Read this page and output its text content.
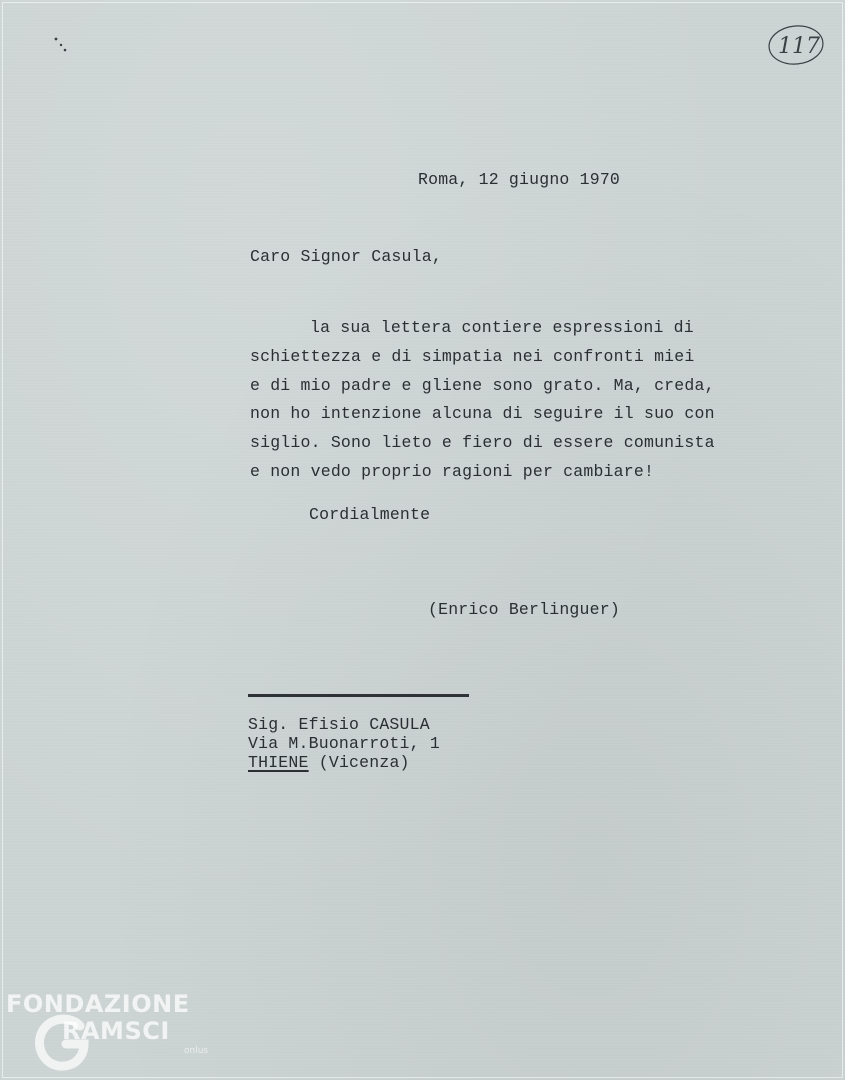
117
Roma, 12 giugno 1970
Caro Signor Casula,
la sua lettera contiere espressioni di
schiettezza e di simpatia nei confronti miei
e di mio padre e gliene sono grato. Ma, creda,
non ho intenzione alcuna di seguire il suo con
siglio. Sono lieto e fiero di essere comunista
e non vedo proprio ragioni per cambiare!
Cordialmente
(Enrico Berlinguer)
Sig. Efisio CASULA
Via M.Buonarroti, 1
THIENE (Vicenza)
FONDAZIONE
RAMSCI
onlus
